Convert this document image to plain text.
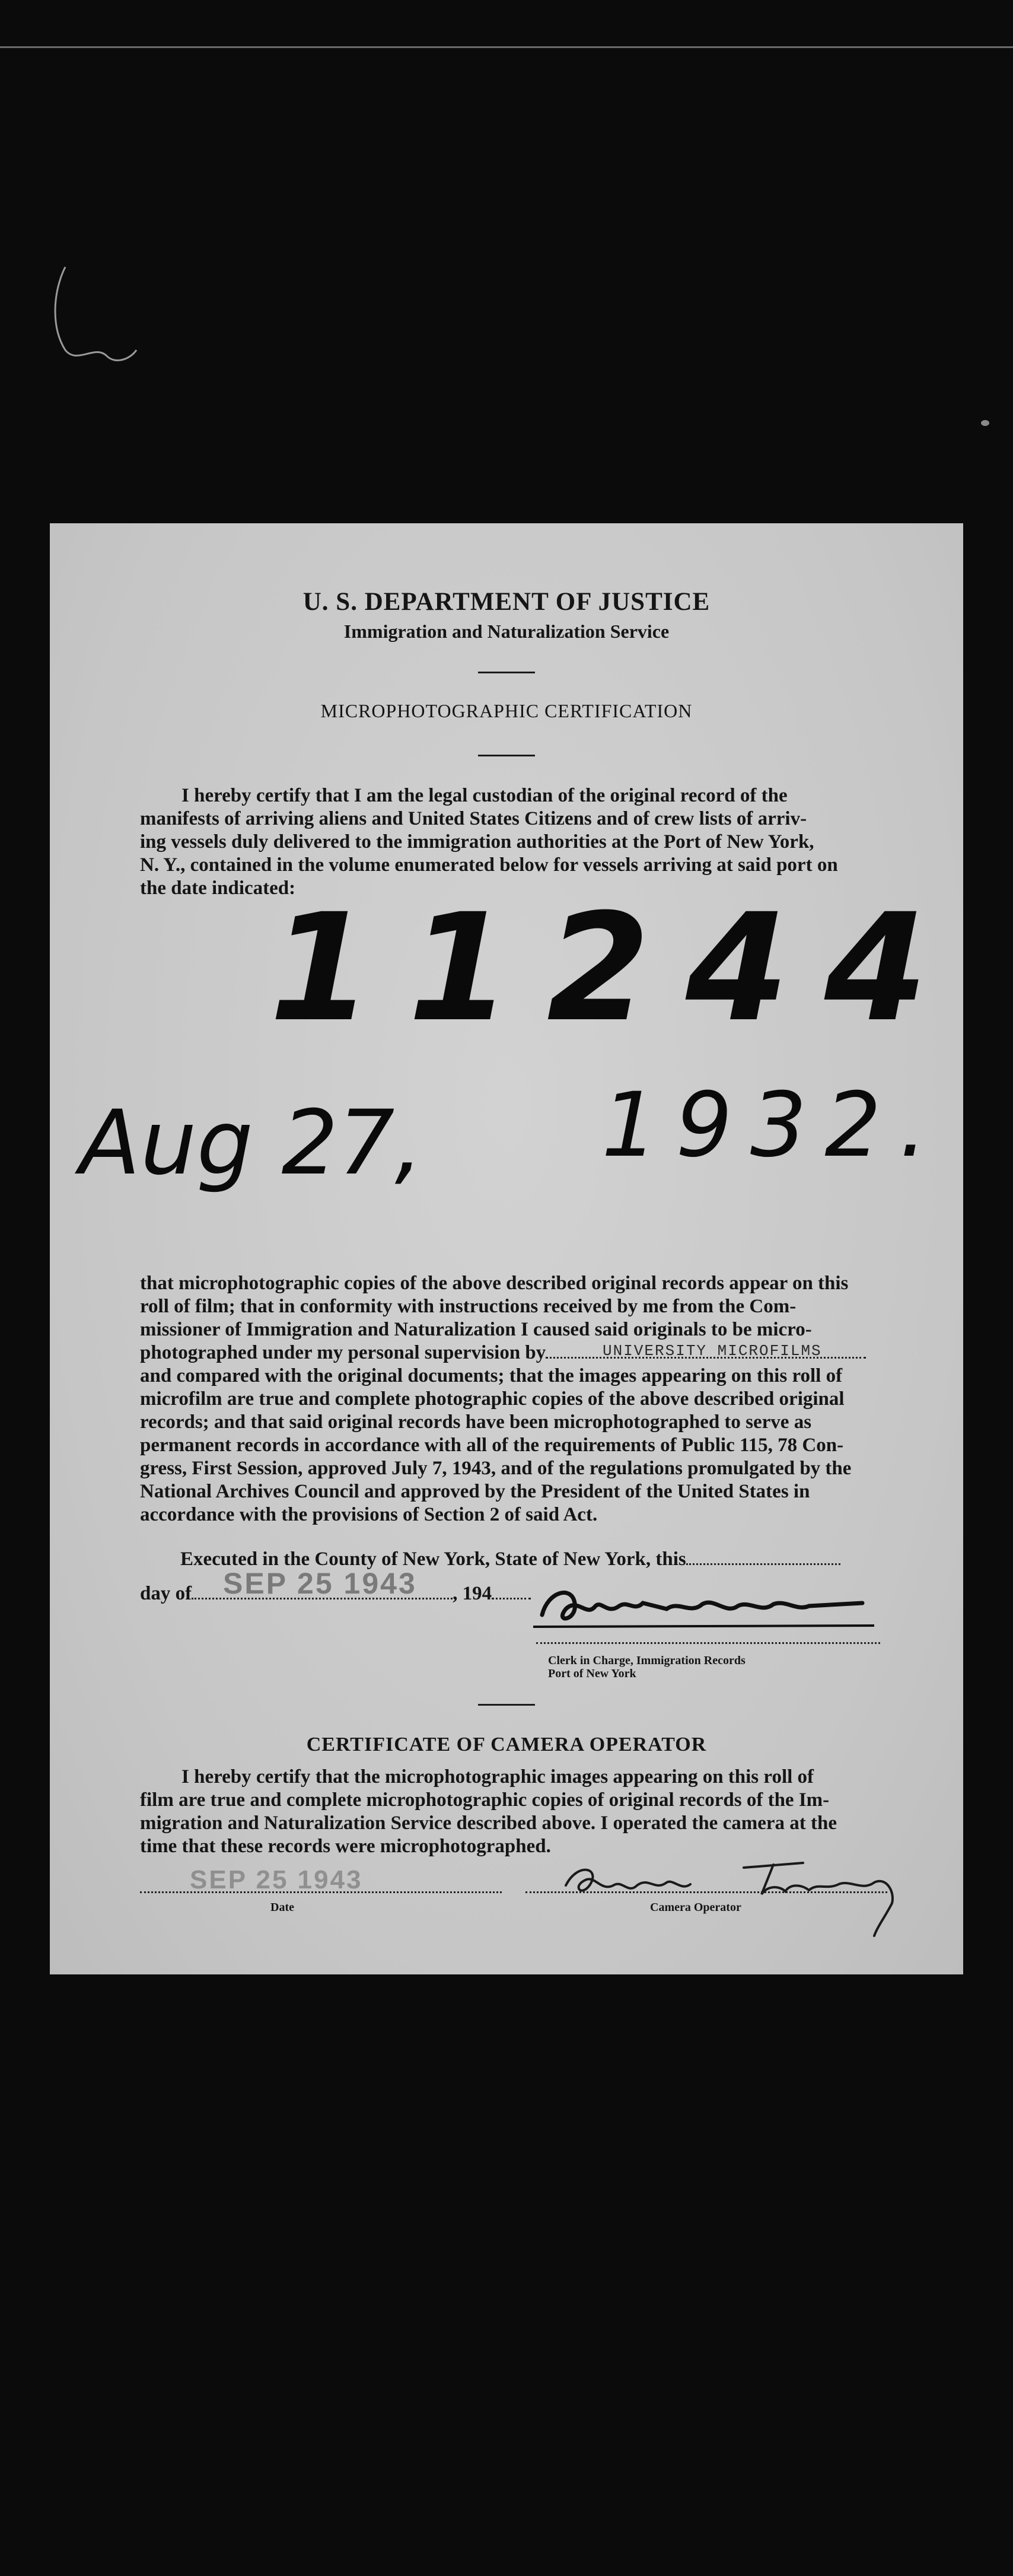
U. S. DEPARTMENT OF JUSTICE
Immigration and Naturalization Service
MICROPHOTOGRAPHIC CERTIFICATION
I hereby certify that I am the legal custodian of the original record of the
manifests of arriving aliens and United States Citizens and of crew lists of arriv-
ing vessels duly delivered to the immigration authorities at the Port of New York,
N. Y., contained in the volume enumerated below for vessels arriving at said port on
the date indicated:
11244
Aug 27, 1932.
that microphotographic copies of the above described original records appear on this
roll of film; that in conformity with instructions received by me from the Com-
missioner of Immigration and Naturalization I caused said originals to be micro-
photographed under my personal supervision by
and compared with the original documents; that the images appearing on this roll of
microfilm are true and complete photographic copies of the above described original
records; and that said original records have been microphotographed to serve as
permanent records in accordance with all of the requirements of Public 115, 78 Con-
gress, First Session, approved July 7, 1943, and of the regulations promulgated by the
National Archives Council and approved by the President of the United States in
accordance with the provisions of Section 2 of said Act.
UNIVERSITY MICROFILMS
Executed in the County of New York, State of New York, this
day of	, 194
SEP 25 1943
Clerk in Charge, Immigration Records
Port of New York
CERTIFICATE OF CAMERA OPERATOR
I hereby certify that the microphotographic images appearing on this roll of
film are true and complete microphotographic copies of original records of the Im-
migration and Naturalization Service described above. I operated the camera at the
time that these records were microphotographed.
SEP 25 1943
Date	Camera Operator
